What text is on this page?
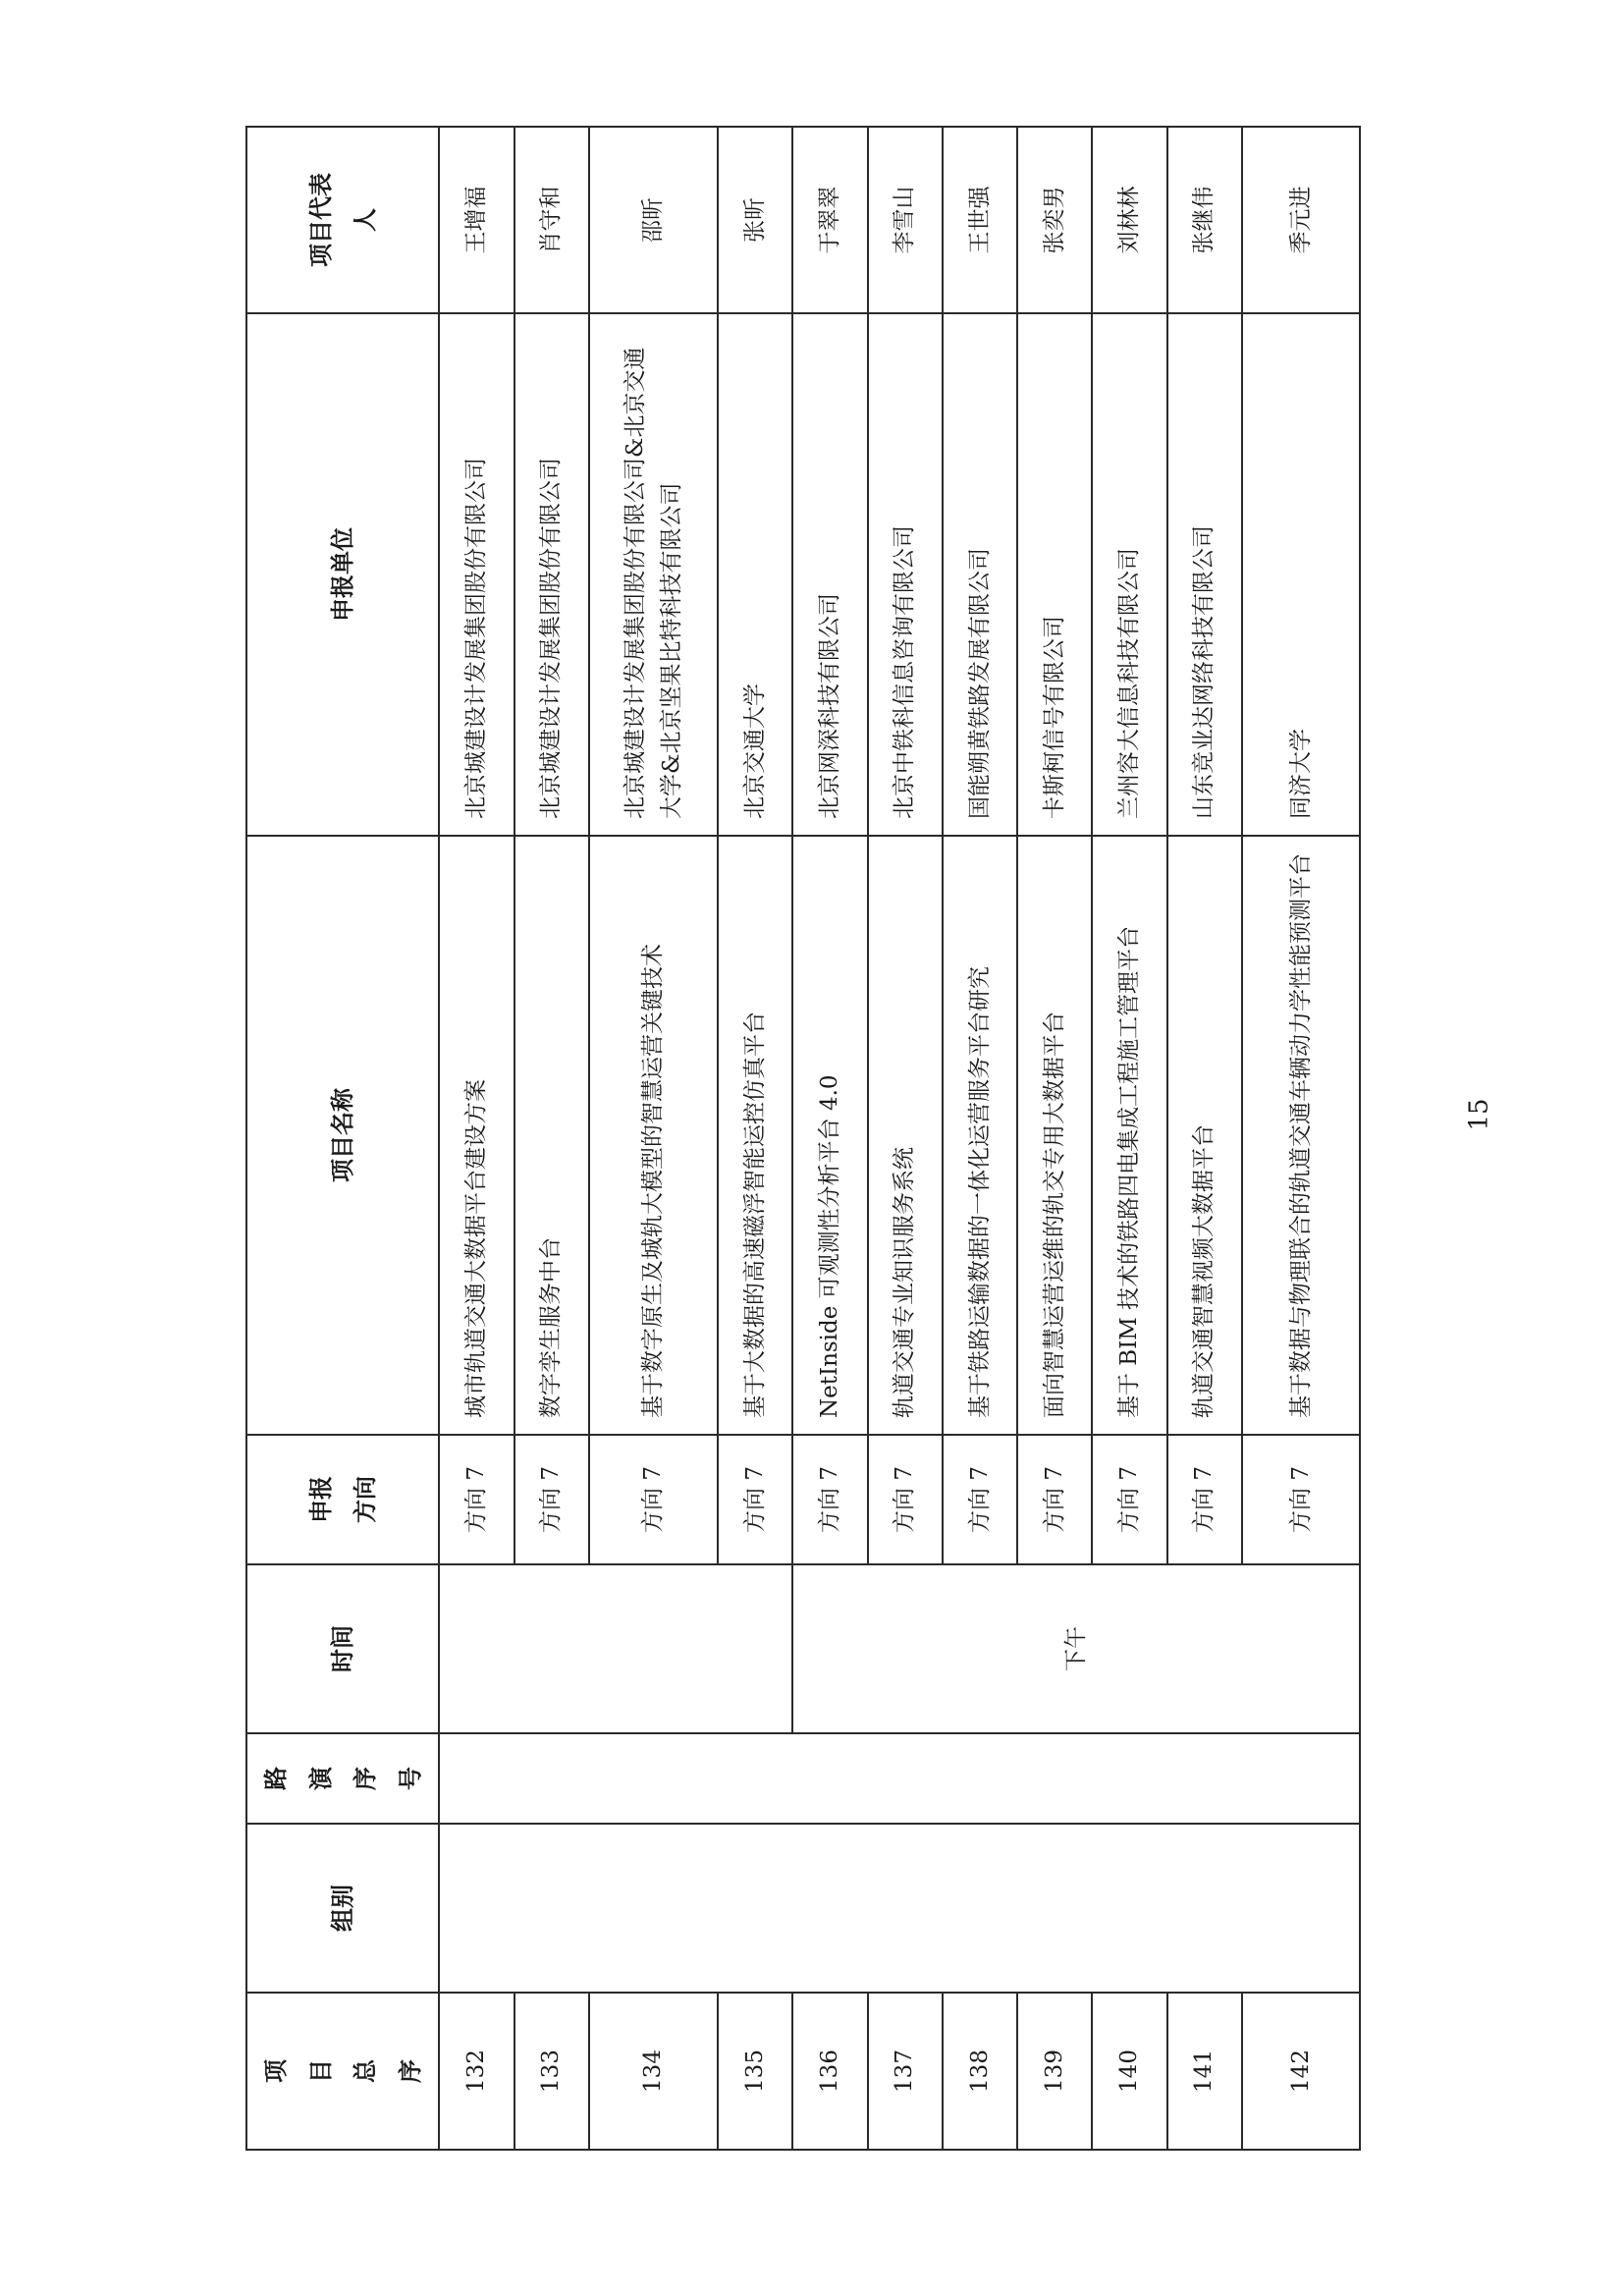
项目总序	组别	路演序号	时间	申报方向	项目名称	申报单位	项目代表人
132				方向 7	城市轨道交通大数据平台建设方案	北京城建设计发展集团股份有限公司	王增福
133				方向 7	数字孪生服务中台	北京城建设计发展集团股份有限公司	肖守和
134				方向 7	基于数字原生及城轨大模型的智慧运营关键技术	北京城建设计发展集团股份有限公司&北京交通大学&北京坚果比特科技有限公司	邵昕
135				方向 7	基于大数据的高速磁浮智能运控仿真平台	北京交通大学	张昕
136			下午	方向 7	NetInside 可观测性分析平台 4.0	北京网深科技有限公司	于翠翠
137				方向 7	轨道交通专业知识服务系统	北京中铁科信息咨询有限公司	李雪山
138				方向 7	基于铁路运输数据的一体化运营服务平台研究	国能朔黄铁路发展有限公司	王世强
139				方向 7	面向智慧运营运维的轨交专用大数据平台	卡斯柯信号有限公司	张奕男
140				方向 7	基于 BIM 技术的铁路四电集成工程施工管理平台	兰州容大信息科技有限公司	刘林林
141				方向 7	轨道交通智慧视频大数据平台	山东竞业达网络科技有限公司	张继伟
142				方向 7	基于数据与物理联合的轨道交通车辆动力学性能预测平台	同济大学	季元进
15
